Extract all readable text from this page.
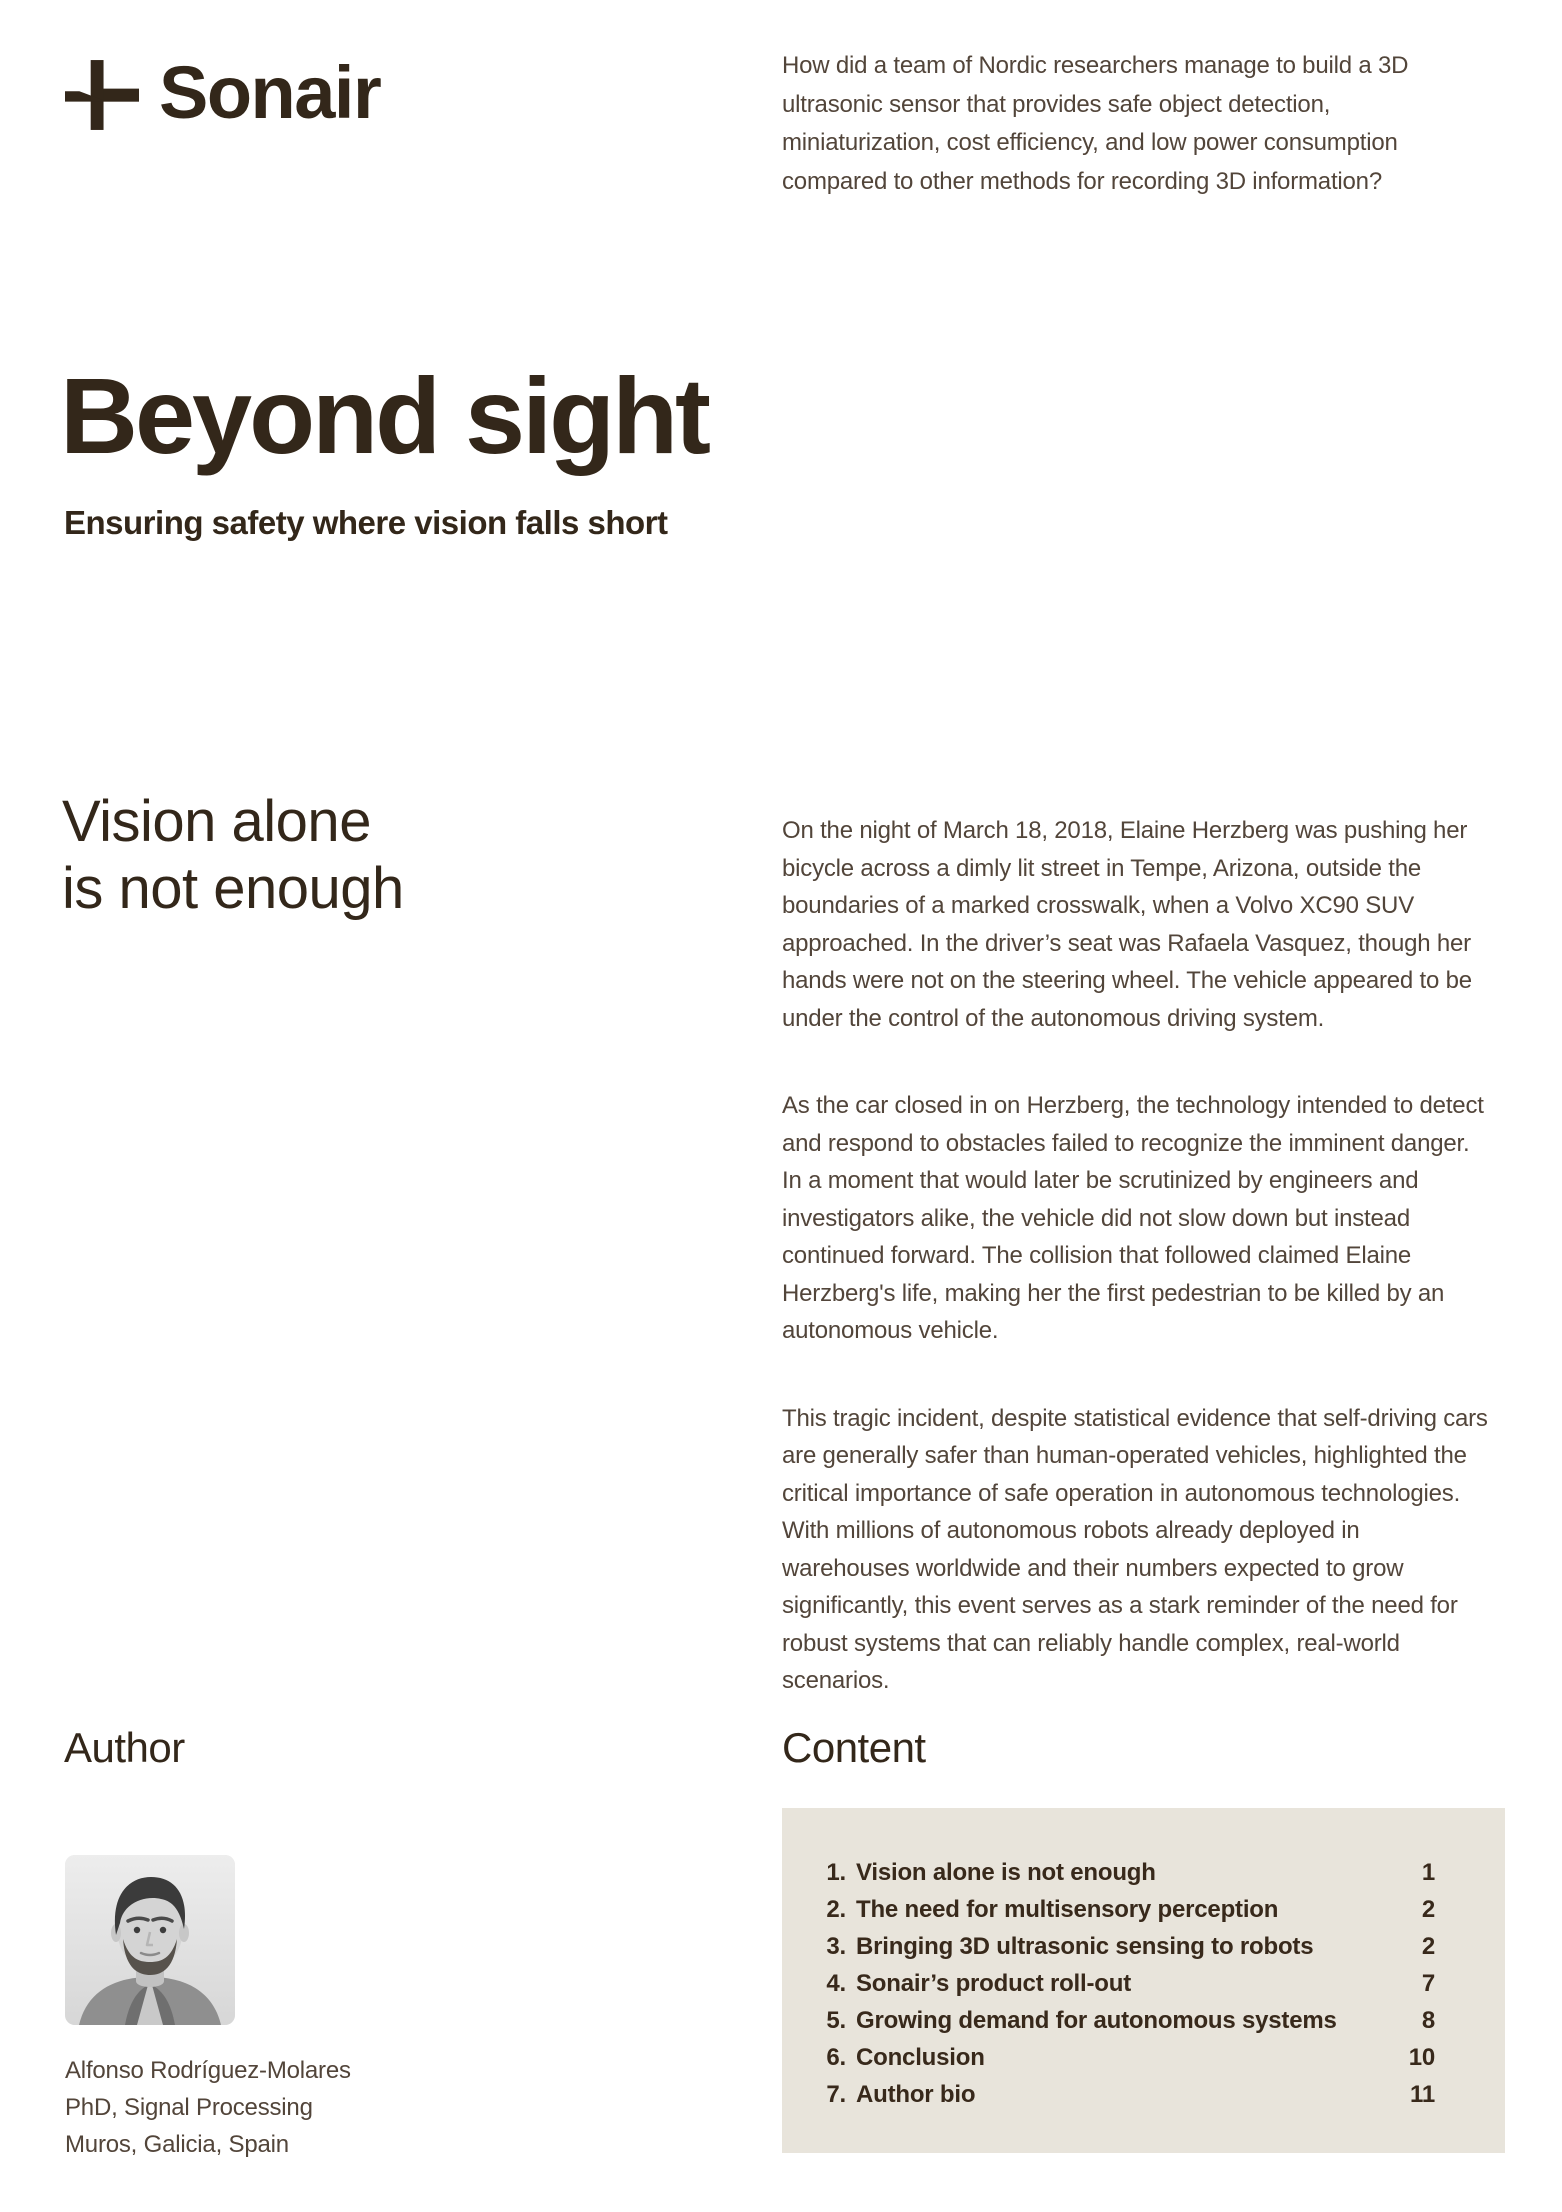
Sonair	How did a team of Nordic researchers manage to build a 3D ultrasonic sensor that provides safe object detection, miniaturization, cost efficiency, and low power consumption compared to other methods for recording 3D information?
Beyond sight
Ensuring safety where vision falls short
Vision alone
is not enough

On the night of March 18, 2018, Elaine Herzberg was pushing her bicycle across a dimly lit street in Tempe, Arizona, outside the boundaries of a marked crosswalk, when a Volvo XC90 SUV approached. In the driver’s seat was Rafaela Vasquez, though her hands were not on the steering wheel. The vehicle appeared to be under the control of the autonomous driving system.

As the car closed in on Herzberg, the technology intended to detect and respond to obstacles failed to recognize the imminent danger. In a moment that would later be scrutinized by engineers and investigators alike, the vehicle did not slow down but instead continued forward. The collision that followed claimed Elaine Herzberg's life, making her the first pedestrian to be killed by an autonomous vehicle.

This tragic incident, despite statistical evidence that self-driving cars are generally safer than human-operated vehicles, highlighted the critical importance of safe operation in autonomous technologies. With millions of autonomous robots already deployed in warehouses worldwide and their numbers expected to grow significantly, this event serves as a stark reminder of the need for robust systems that can reliably handle complex, real-world scenarios.

Author
Alfonso Rodríguez-Molares
PhD, Signal Processing
Muros, Galicia, Spain
Content
1. Vision alone is not enough	1
2. The need for multisensory perception	2
3. Bringing 3D ultrasonic sensing to robots	2
4. Sonair’s product roll-out	7
5. Growing demand for autonomous systems	8
6. Conclusion	10
7. Author bio	11
